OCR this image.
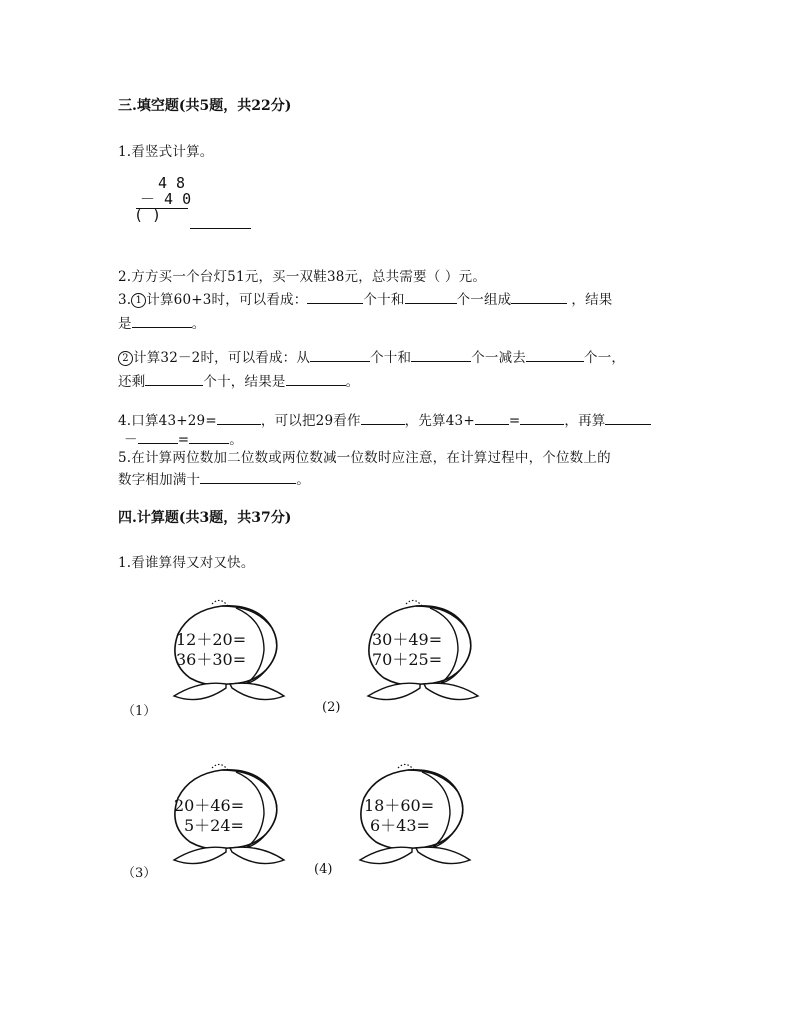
三.填空题(共5题，共22分)
1.看竖式计算。
4 8
－ 4 0
( )
2.方方买一个台灯51元，买一双鞋38元，总共需要（ ）元。
3. 1 计算60+3时，可以看成：	个十和	个一组成	，结果
是	。
2 计算32－2时，可以看成：从	个十和	个一减去	个一，
还剩	个十，结果是	。
4.口算43+29=	，可以把29看作	，先算43+	=	，再算
－	=	。
5.在计算两位数加二位数或两位数减一位数时应注意，在计算过程中，个位数上的
数字相加满十	。
四.计算题(共3题，共37分)
1.看谁算得又对又快。
12＋20=
36＋30=
（1）
30＋49=
70＋25=
(2)
20＋46=
5＋24=
（3）
18＋60=
6＋43=
(4)
